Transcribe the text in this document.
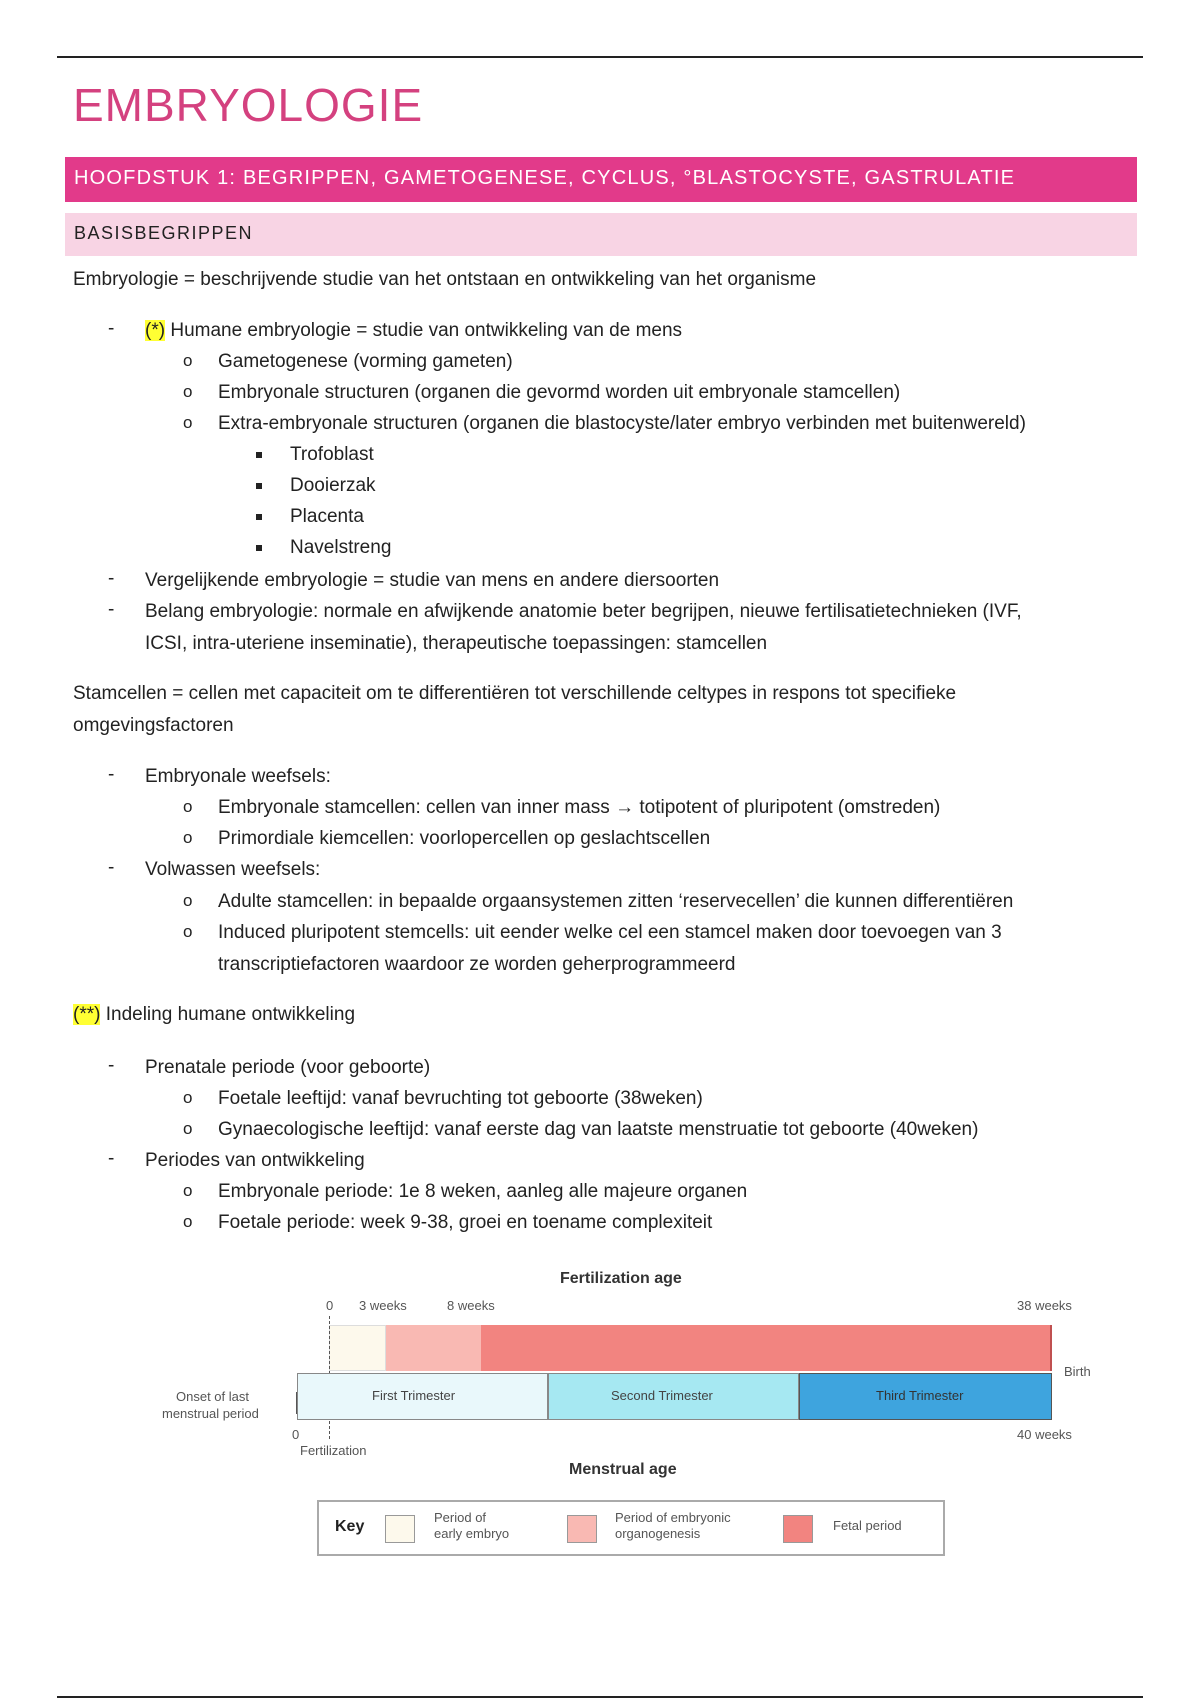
EMBRYOLOGIE
HOOFDSTUK 1: BEGRIPPEN, GAMETOGENESE, CYCLUS, °BLASTOCYSTE, GASTRULATIE
BASISBEGRIPPEN
Embryologie = beschrijvende studie van het ontstaan en ontwikkeling van het organisme
- (*) Humane embryologie = studie van ontwikkeling van de mens
o Gametogenese (vorming gameten)
o Embryonale structuren (organen die gevormd worden uit embryonale stamcellen)
o Extra-embryonale structuren (organen die blastocyste/later embryo verbinden met buitenwereld)
Trofoblast
Dooierzak
Placenta
Navelstreng
- Vergelijkende embryologie = studie van mens en andere diersoorten
- Belang embryologie: normale en afwijkende anatomie beter begrijpen, nieuwe fertilisatietechnieken (IVF,
ICSI, intra-uteriene inseminatie), therapeutische toepassingen: stamcellen
Stamcellen = cellen met capaciteit om te differentiëren tot verschillende celtypes in respons tot specifieke
omgevingsfactoren
- Embryonale weefsels:
o Embryonale stamcellen: cellen van inner mass → totipotent of pluripotent (omstreden)
o Primordiale kiemcellen: voorlopercellen op geslachtscellen
- Volwassen weefsels:
o Adulte stamcellen: in bepaalde orgaansystemen zitten ‘reservecellen’ die kunnen differentiëren
o Induced pluripotent stemcells: uit eender welke cel een stamcel maken door toevoegen van 3
transcriptiefactoren waardoor ze worden geherprogrammeerd
(**) Indeling humane ontwikkeling
- Prenatale periode (voor geboorte)
o Foetale leeftijd: vanaf bevruchting tot geboorte (38weken)
o Gynaecologische leeftijd: vanaf eerste dag van laatste menstruatie tot geboorte (40weken)
- Periodes van ontwikkeling
o Embryonale periode: 1e 8 weken, aanleg alle majeure organen
o Foetale periode: week 9-38, groei en toename complexiteit
Fertilization age
0 3 weeks	8 weeks	38 weeks
First Trimester	Second Trimester	Third Trimester
Birth
Onset of last
menstrual period
0
Fertilization
40 weeks
Menstrual age
Key
Period of
early embryo
Period of embryonic
organogenesis
Fetal period
